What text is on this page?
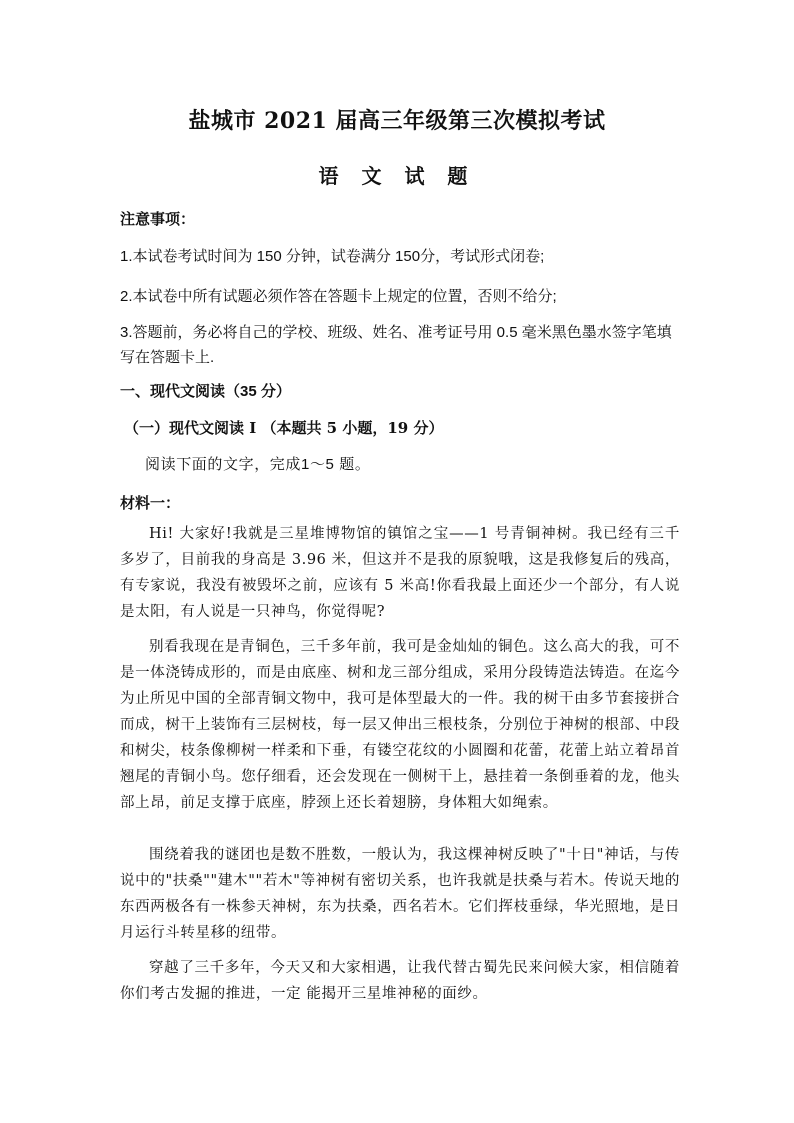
盐城市 2021 届高三年级第三次模拟考试
语 文 试 题
注意事项：
1.本试卷考试时间为 150 分钟，试卷满分 150分，考试形式闭卷;
2.本试卷中所有试题必须作答在答题卡上规定的位置，否则不给分;
3.答题前，务必将自己的学校、班级、姓名、准考证号用 0.5 毫米黑色墨水签字笔填写在答题卡上.
一、现代文阅读（35 分）
（一）现代文阅读 Ⅰ （本题共 5 小题，19 分）
阅读下面的文字，完成1～5 题。
材料一：
Hi! 大家好!我就是三星堆博物馆的镇馆之宝——1 号青铜神树。我已经有三千多岁了，目前我的身高是 3.96 米，但这并不是我的原貌哦，这是我修复后的残高，有专家说，我没有被毁坏之前，应该有 5 米高!你看我最上面还少一个部分，有人说是太阳，有人说是一只神鸟，你觉得呢?
别看我现在是青铜色，三千多年前，我可是金灿灿的铜色。这么高大的我，可不是一体浇铸成形的，而是由底座、树和龙三部分组成，采用分段铸造法铸造。在迄今为止所见中国的全部青铜文物中，我可是体型最大的一件。我的树干由多节套接拼合而成，树干上装饰有三层树枝，每一层又伸出三根枝条，分别位于神树的根部、中段和树尖，枝条像柳树一样柔和下垂，有镂空花纹的小圆圈和花蕾，花蕾上站立着昂首翘尾的青铜小鸟。您仔细看，还会发现在一侧树干上，悬挂着一条倒垂着的龙，他头部上昂，前足支撑于底座，脖颈上还长着翅膀，身体粗大如绳索。
围绕着我的谜团也是数不胜数，一般认为，我这棵神树反映了"十日"神话，与传说中的"扶桑""建木""若木"等神树有密切关系，也许我就是扶桑与若木。传说天地的东西两极各有一株参天神树，东为扶桑，西名若木。它们挥枝垂绿，华光照地，是日月运行斗转星移的纽带。
穿越了三千多年，今天又和大家相遇，让我代替古蜀先民来问候大家，相信随着你们考古发掘的推进，一定 能揭开三星堆神秘的面纱。
